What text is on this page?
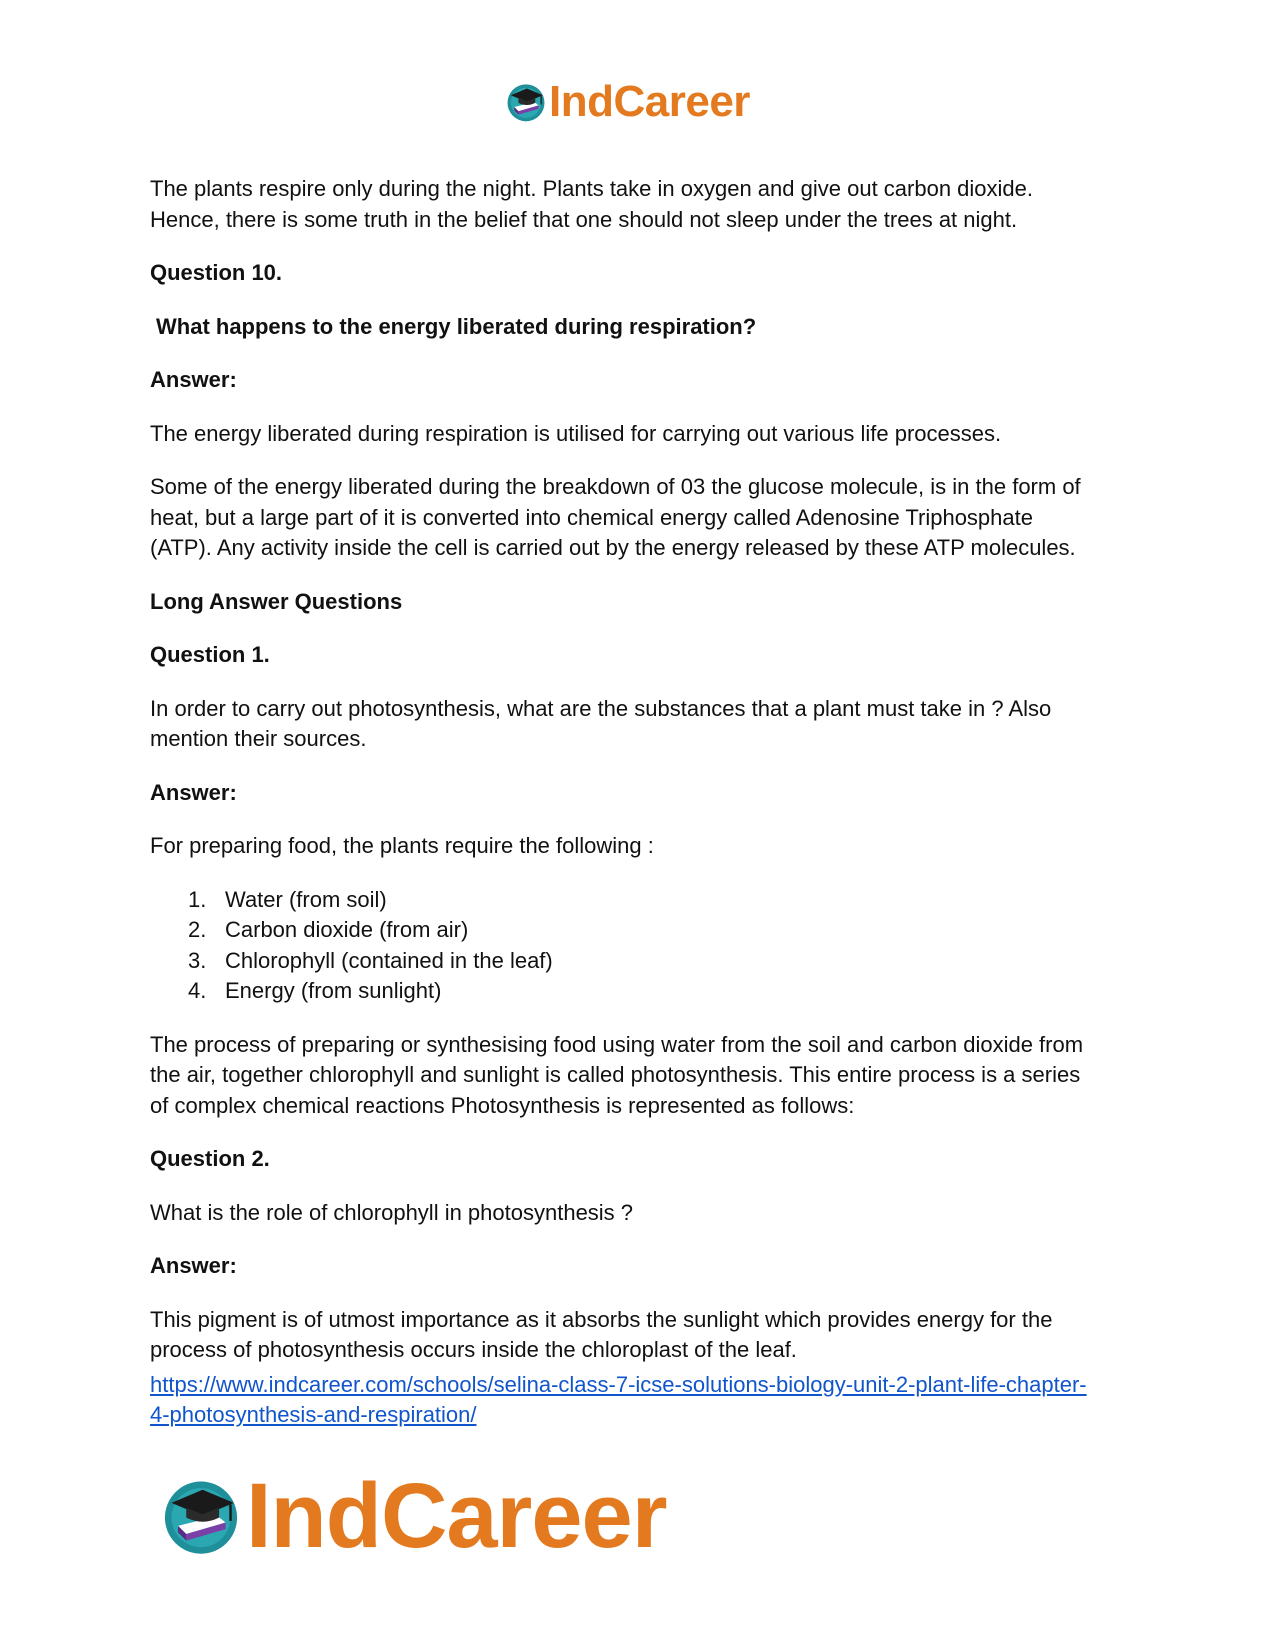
IndCareer

The plants respire only during the night. Plants take in oxygen and give out carbon dioxide.

Hence, there is some truth in the belief that one should not sleep under the trees at night.

Question 10.

What happens to the energy liberated during respiration?

Answer:

The energy liberated during respiration is utilised for carrying out various life processes.

Some of the energy liberated during the breakdown of 03 the glucose molecule, is in the form of

heat, but a large part of it is converted into chemical energy called Adenosine Triphosphate

(ATP). Any activity inside the cell is carried out by the energy released by these ATP molecules.

Long Answer Questions

Question 1.

In order to carry out photosynthesis, what are the substances that a plant must take in ? Also

mention their sources.

Answer:

For preparing food, the plants require the following :

1. Water (from soil)
2. Carbon dioxide (from air)
3. Chlorophyll (contained in the leaf)
4. Energy (from sunlight)

The process of preparing or synthesising food using water from the soil and carbon dioxide from

the air, together chlorophyll and sunlight is called photosynthesis. This entire process is a series

of complex chemical reactions Photosynthesis is represented as follows:

Question 2.

What is the role of chlorophyll in photosynthesis ?

Answer:

This pigment is of utmost importance as it absorbs the sunlight which provides energy for the

process of photosynthesis occurs inside the chloroplast of the leaf.

https://www.indcareer.com/schools/selina-class-7-icse-solutions-biology-unit-2-plant-life-chapter-
4-photosynthesis-and-respiration/
IndCareer
